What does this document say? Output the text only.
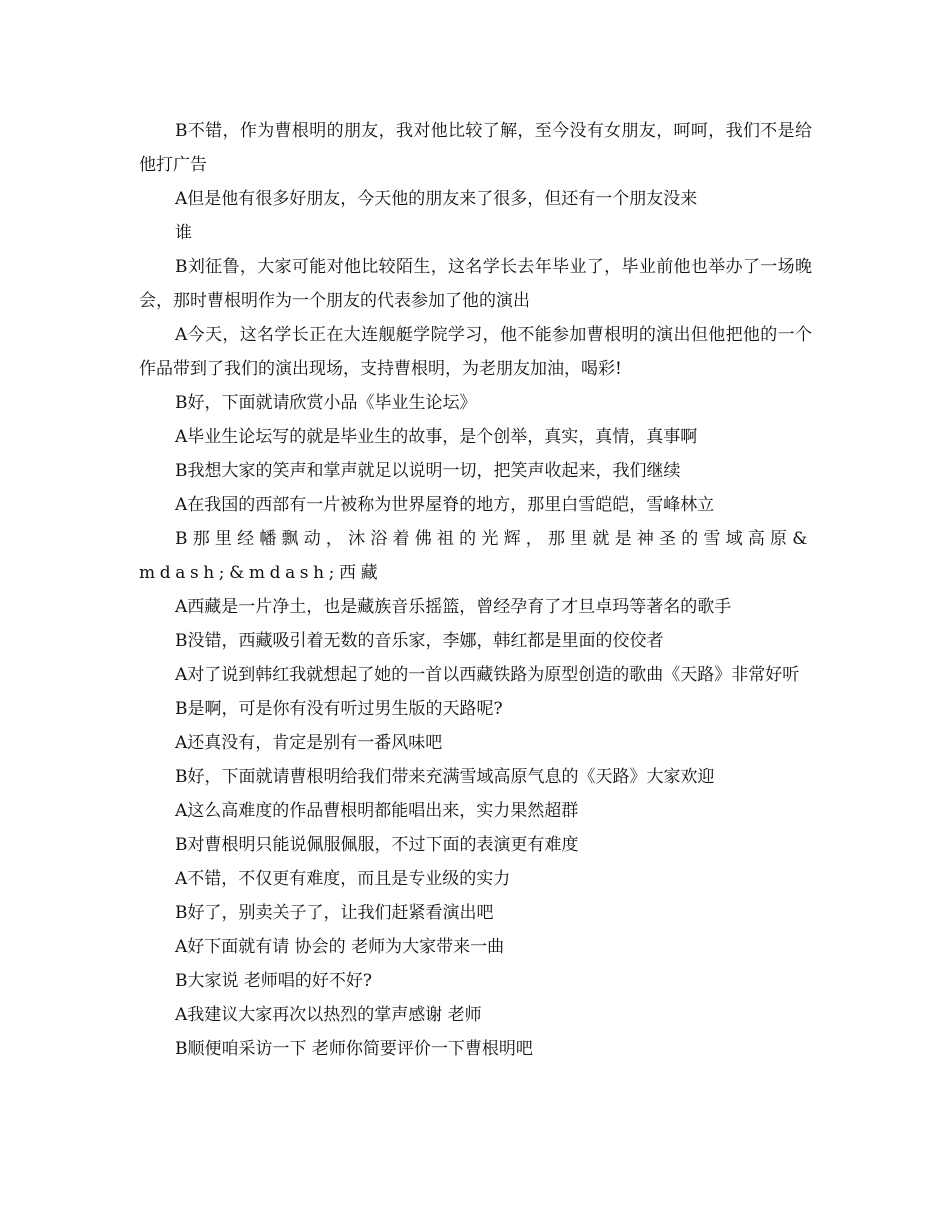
B不错，作为曹根明的朋友，我对他比较了解，至今没有女朋友，呵呵，我们不是给他打广告

A但是他有很多好朋友，今天他的朋友来了很多，但还有一个朋友没来

谁

B刘征鲁，大家可能对他比较陌生，这名学长去年毕业了，毕业前他也举办了一场晚会，那时曹根明作为一个朋友的代表参加了他的演出

A今天，这名学长正在大连舰艇学院学习，他不能参加曹根明的演出但他把他的一个作品带到了我们的演出现场，支持曹根明，为老朋友加油，喝彩!

B好，下面就请欣赏小品《毕业生论坛》

A毕业生论坛写的就是毕业生的故事，是个创举，真实，真情，真事啊

B我想大家的笑声和掌声就足以说明一切，把笑声收起来，我们继续

A在我国的西部有一片被称为世界屋脊的地方，那里白雪皑皑，雪峰林立

B那里经幡飘动，沐浴着佛祖的光辉，那里就是神圣的雪域高原&mdash;&mdash;西藏

A西藏是一片净土，也是藏族音乐摇篮，曾经孕育了才旦卓玛等著名的歌手

B没错，西藏吸引着无数的音乐家，李娜，韩红都是里面的佼佼者

A对了说到韩红我就想起了她的一首以西藏铁路为原型创造的歌曲《天路》非常好听

B是啊，可是你有没有听过男生版的天路呢?

A还真没有，肯定是别有一番风味吧

B好，下面就请曹根明给我们带来充满雪域高原气息的《天路》大家欢迎

A这么高难度的作品曹根明都能唱出来，实力果然超群

B对曹根明只能说佩服佩服，不过下面的表演更有难度

A不错，不仅更有难度，而且是专业级的实力

B好了，别卖关子了，让我们赶紧看演出吧

A好下面就有请 协会的 老师为大家带来一曲

B大家说 老师唱的好不好?

A我建议大家再次以热烈的掌声感谢 老师

B顺便咱采访一下 老师你简要评价一下曹根明吧
